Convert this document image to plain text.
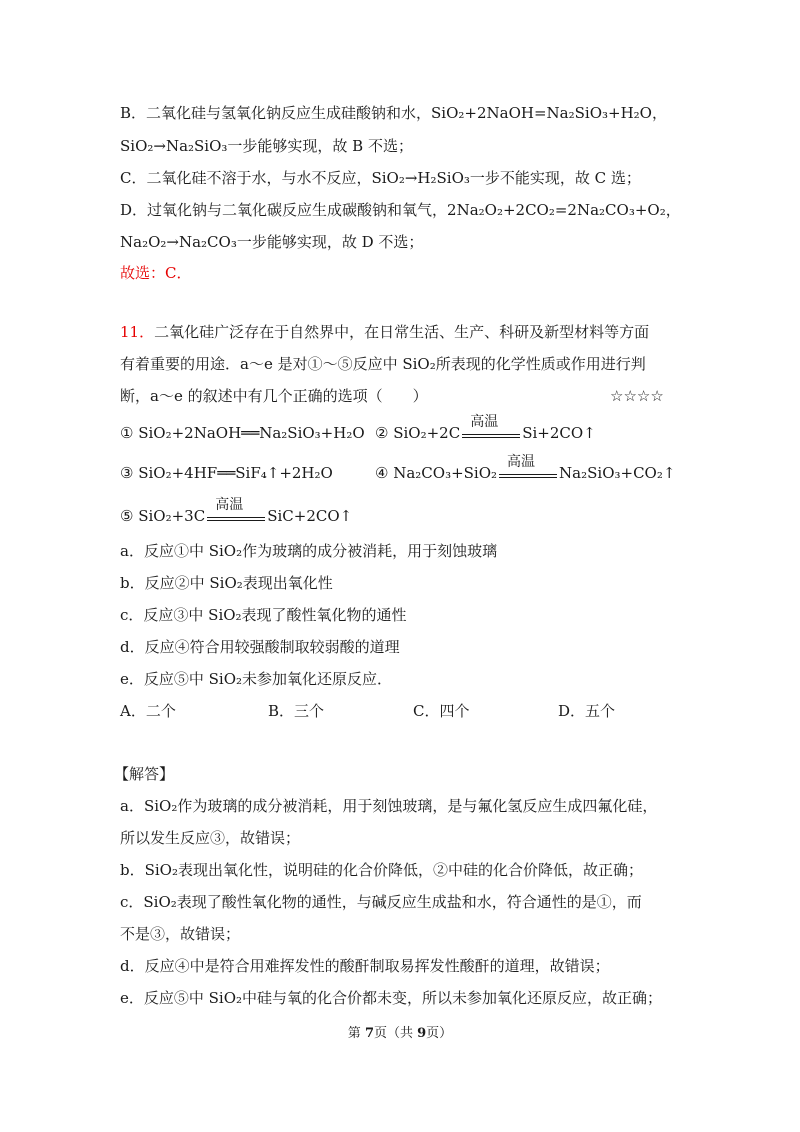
B．二氧化硅与氢氧化钠反应生成硅酸钠和水，SiO₂+2NaOH=Na₂SiO₃+H₂O，
SiO₂→Na₂SiO₃一步能够实现，故 B 不选；
C．二氧化硅不溶于水，与水不反应，SiO₂→H₂SiO₃一步不能实现，故 C 选；
D．过氧化钠与二氧化碳反应生成碳酸钠和氧气，2Na₂O₂+2CO₂=2Na₂CO₃+O₂，
Na₂O₂→Na₂CO₃一步能够实现，故 D 不选；
故选：C．
11．二氧化硅广泛存在于自然界中，在日常生活、生产、科研及新型材料等方面
有着重要的用途．a～e 是对①～⑤反应中 SiO₂所表现的化学性质或作用进行判
断，a～e 的叙述中有几个正确的选项（　　）	☆☆☆☆
① SiO₂+2NaOH══Na₂SiO₃+H₂O ② SiO₂+2C
高温
Si+2CO↑
③ SiO₂+4HF══SiF₄↑+2H₂O	④ Na₂CO₃+SiO₂
高温
Na₂SiO₃+CO₂↑
⑤ SiO₂+3C
高温
SiC+2CO↑
a．反应①中 SiO₂作为玻璃的成分被消耗，用于刻蚀玻璃
b．反应②中 SiO₂表现出氧化性
c．反应③中 SiO₂表现了酸性氧化物的通性
d．反应④符合用较强酸制取较弱酸的道理
e．反应⑤中 SiO₂未参加氧化还原反应．
A．二个	B．三个	C．四个	D．五个
【解答】
a．SiO₂作为玻璃的成分被消耗，用于刻蚀玻璃，是与氟化氢反应生成四氟化硅，
所以发生反应③，故错误；
b．SiO₂表现出氧化性，说明硅的化合价降低，②中硅的化合价降低，故正确；
c．SiO₂表现了酸性氧化物的通性，与碱反应生成盐和水，符合通性的是①，而
不是③，故错误；
d．反应④中是符合用难挥发性的酸酐制取易挥发性酸酐的道理，故错误；
e．反应⑤中 SiO₂中硅与氧的化合价都未变，所以未参加氧化还原反应，故正确；
第 7页（共 9页）
